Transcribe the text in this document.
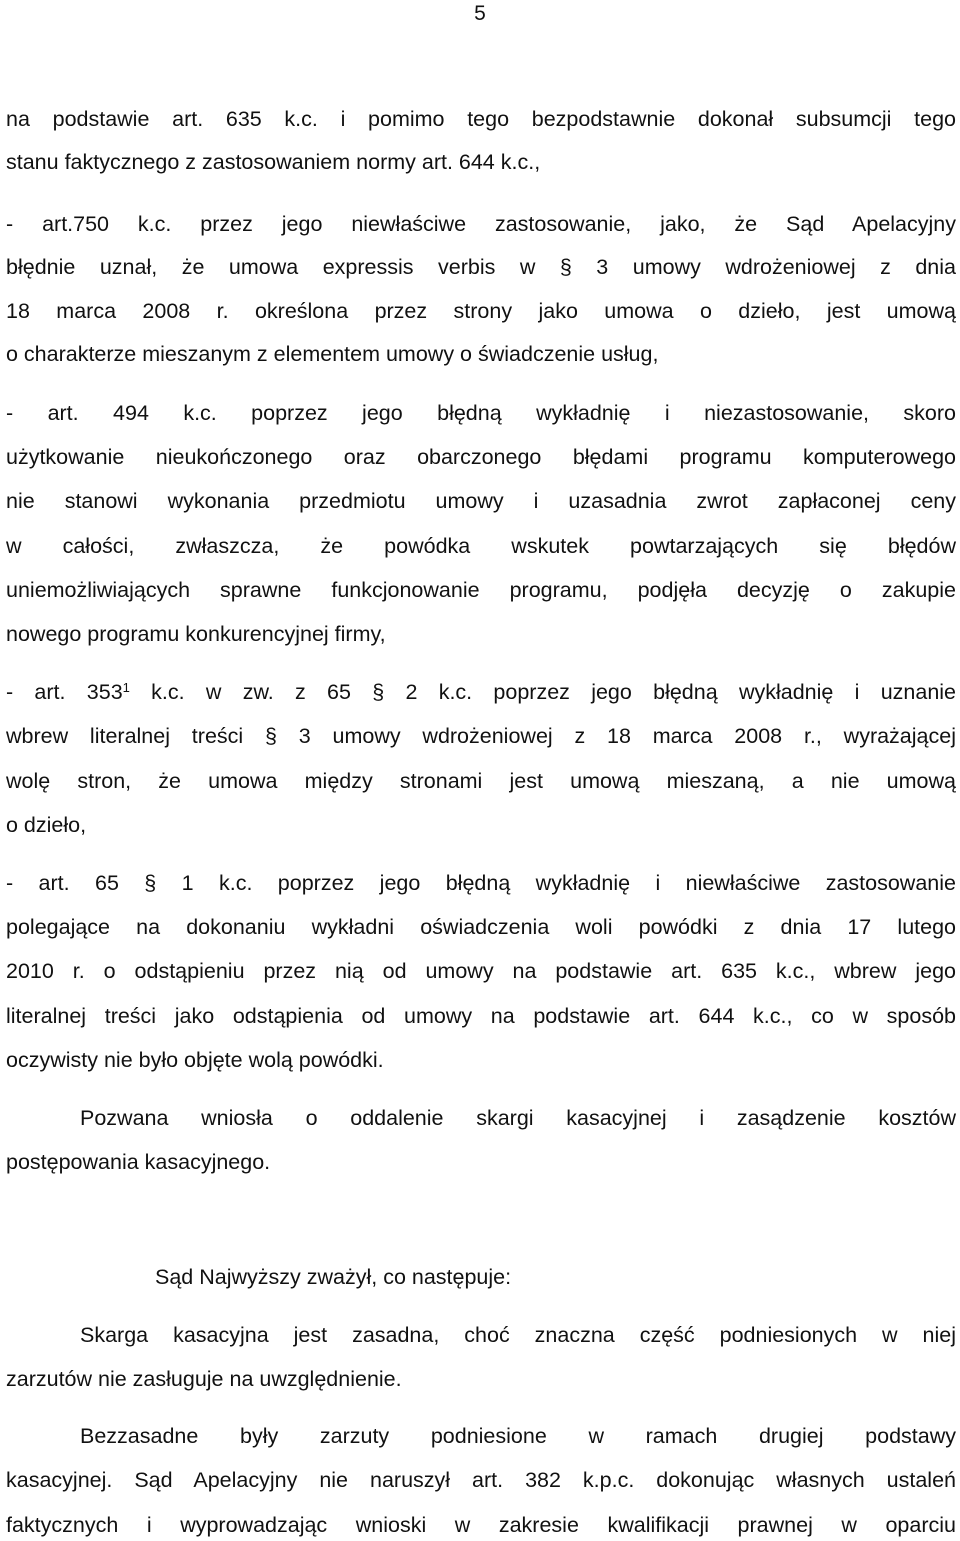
5
na podstawie art. 635 k.c. i pomimo tego bezpodstawnie dokonał subsumcji tego
stanu faktycznego z zastosowaniem normy art. 644 k.c.,
- art.750 k.c. przez jego niewłaściwe zastosowanie, jako, że Sąd Apelacyjny
błędnie uznał, że umowa expressis verbis w § 3 umowy wdrożeniowej z dnia
18 marca 2008 r. określona przez strony jako umowa o dzieło, jest umową
o charakterze mieszanym z elementem umowy o świadczenie usług,
- art. 494 k.c. poprzez jego błędną wykładnię i niezastosowanie, skoro
użytkowanie nieukończonego oraz obarczonego błędami programu komputerowego
nie stanowi wykonania przedmiotu umowy i uzasadnia zwrot zapłaconej ceny
w całości, zwłaszcza, że powódka wskutek powtarzających się błędów
uniemożliwiających sprawne funkcjonowanie programu, podjęła decyzję o zakupie
nowego programu konkurencyjnej firmy,
- art. $353^1$ k.c. w zw. z 65 § 2 k.c. poprzez jego błędną wykładnię i uznanie
wbrew literalnej treści § 3 umowy wdrożeniowej z 18 marca 2008 r., wyrażającej
wolę stron, że umowa między stronami jest umową mieszaną, a nie umową
o dzieło,
- art. 65 § 1 k.c. poprzez jego błędną wykładnię i niewłaściwe zastosowanie
polegające na dokonaniu wykładni oświadczenia woli powódki z dnia 17 lutego
2010 r. o odstąpieniu przez nią od umowy na podstawie art. 635 k.c., wbrew jego
literalnej treści jako odstąpienia od umowy na podstawie art. 644 k.c., co w sposób
oczywisty nie było objęte wolą powódki.
Pozwana wniosła o oddalenie skargi kasacyjnej i zasądzenie kosztów
postępowania kasacyjnego.
Sąd Najwyższy zważył, co następuje:
Skarga kasacyjna jest zasadna, choć znaczna część podniesionych w niej
zarzutów nie zasługuje na uwzględnienie.
Bezzasadne były zarzuty podniesione w ramach drugiej podstawy
kasacyjnej. Sąd Apelacyjny nie naruszył art. 382 k.p.c. dokonując własnych ustaleń
faktycznych i wyprowadzając wnioski w zakresie kwalifikacji prawnej w oparciu
